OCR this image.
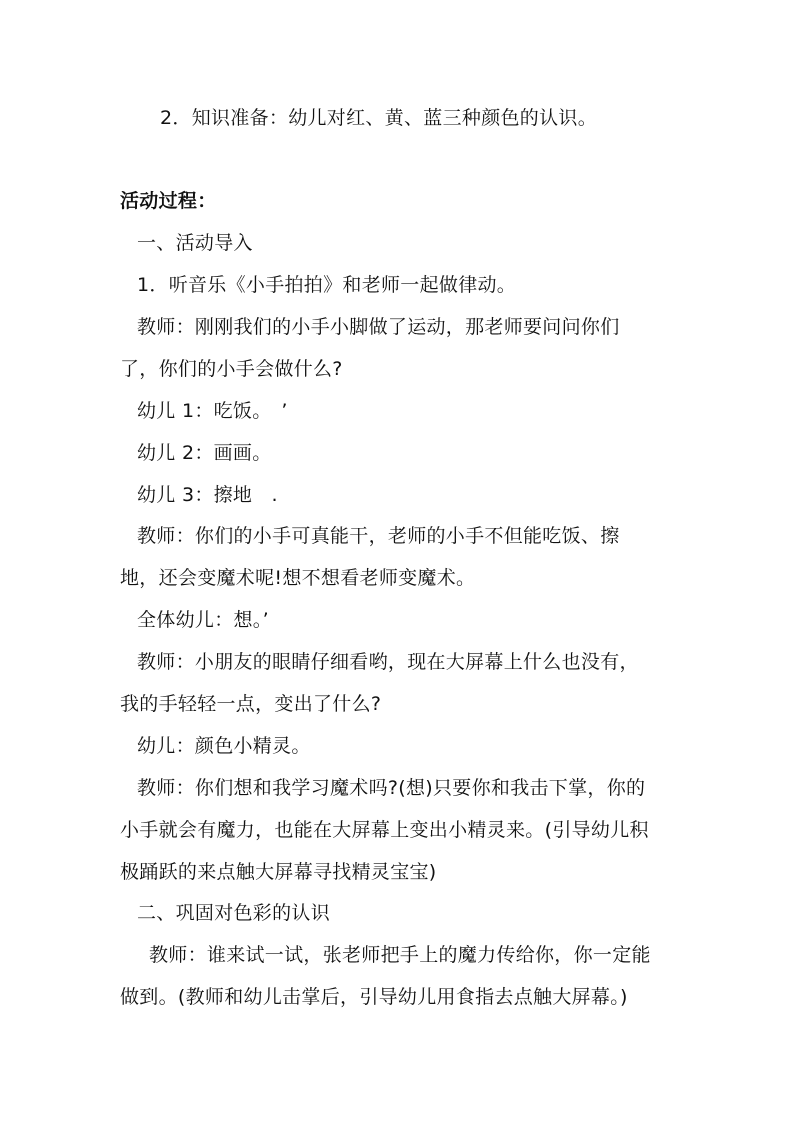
2．知识准备：幼儿对红、黄、蓝三种颜色的认识。
活动过程：
一、活动导入
1．听音乐《小手拍拍》和老师一起做律动。
教师：刚刚我们的小手小脚做了运动，那老师要问问你们
了，你们的小手会做什么?
幼儿 1：吃饭。　’
幼儿 2：画画。
幼儿 3：擦地　.
教师：你们的小手可真能干，老师的小手不但能吃饭、擦
地，还会变魔术呢!想不想看老师变魔术。
全体幼儿：想。’
教师：小朋友的眼睛仔细看哟，现在大屏幕上什么也没有，
我的手轻轻一点，变出了什么?
幼儿：颜色小精灵。
教师：你们想和我学习魔术吗?(想)只要你和我击下掌，你的
小手就会有魔力，也能在大屏幕上变出小精灵来。(引导幼儿积
极踊跃的来点触大屏幕寻找精灵宝宝)
二、巩固对色彩的认识
教师：谁来试一试，张老师把手上的魔力传给你，你一定能
做到。(教师和幼儿击掌后，引导幼儿用食指去点触大屏幕。)
